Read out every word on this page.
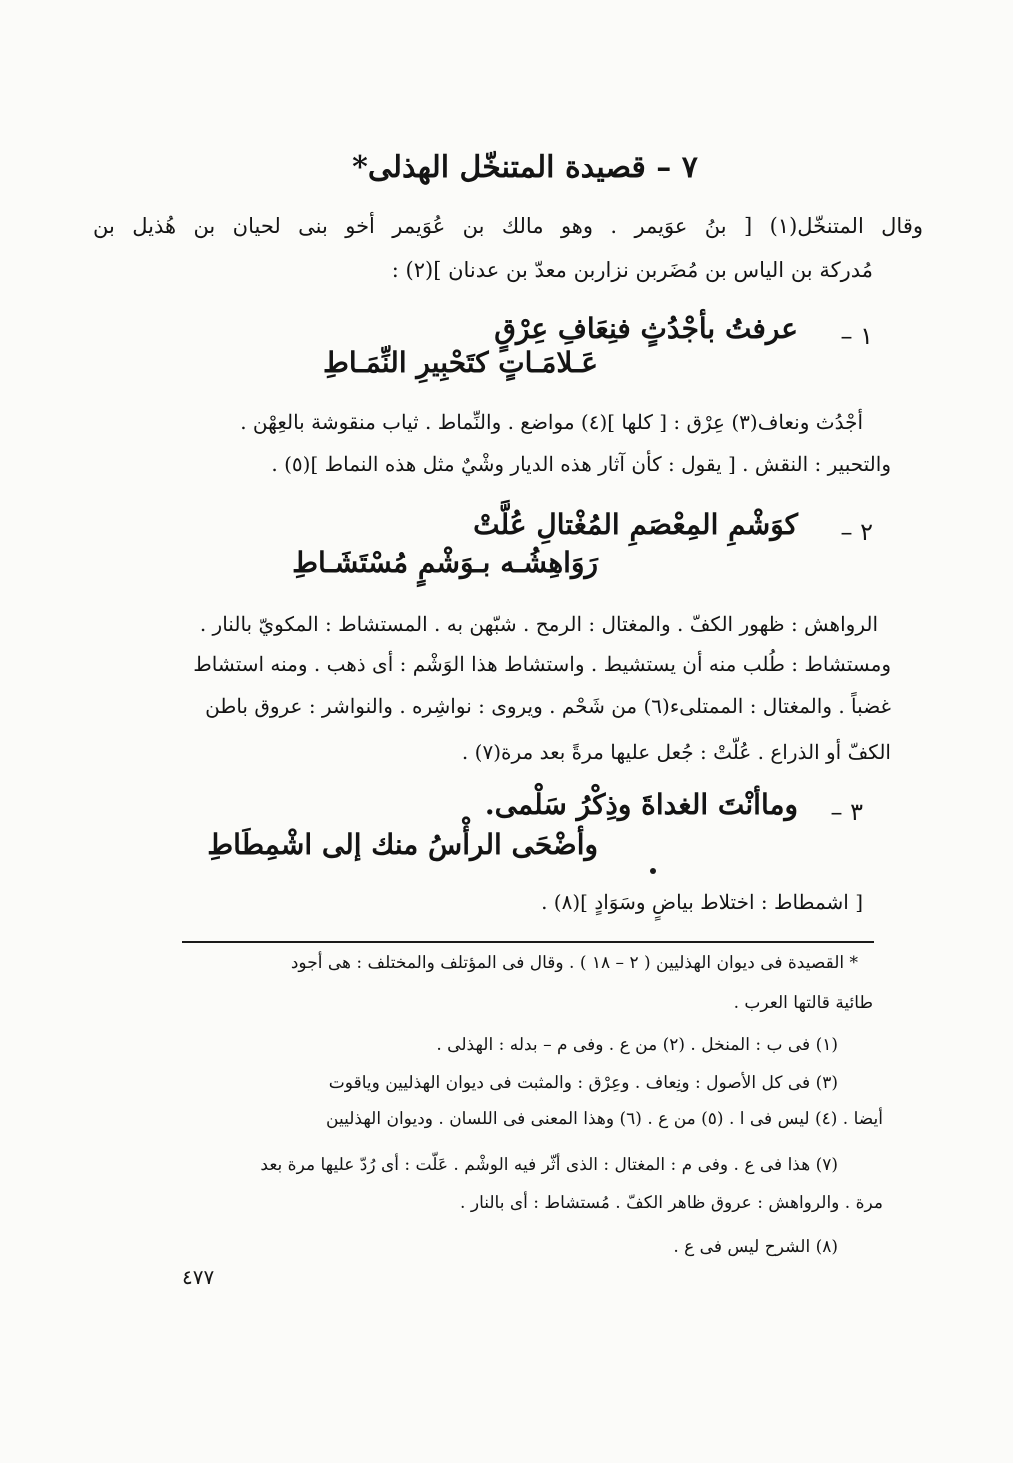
٧ – قصيدة المتنخّل الهذلى*
وقال المتنخّل(١) [ بنُ عوَيمر . وهو مالك بن عُوَيمر أخو بنى لحيان بن هُذيل بن
مُدركة بن الياس بن مُضَربن نزاربن معدّ بن عدنان ](٢) :
١ –
عرفتُ بأجْدُثٍ فنِعَافِ عِرْقٍ
عَـلامَـاتٍ كتَحْبِيرِ النِّمَـاطِ
أجْدُث ونعاف(٣) عِرْق : [ كلها ](٤) مواضع . والنِّماط . ثياب منقوشة بالعِهْن .
والتحبير : النقش . [ يقول : كأن آثار هذه الديار وشْيٌ مثل هذه النماط ](٥) .
٢ –
كوَشْمِ المِعْصَمِ المُغْتالِ عُلَّتْ
رَوَاهِشُـه بـوَشْمٍ مُسْتَشَـاطِ
الرواهش : ظهور الكفّ . والمغتال : الرمح . شبّهن به . المستشاط : المكويّ بالنار .
ومستشاط : طُلب منه أن يستشيط . واستشاط هذا الوَشْم : أى ذهب . ومنه استشاط
غضباً . والمغتال : الممتلىء(٦) من شَحْم . ويروى : نواشِره . والنواشر : عروق باطن
الكفّ أو الذراع . عُلّتْ : جُعل عليها مرةً بعد مرة(٧) .
٣ –
وماأنْتَ الغداةَ وذِكْرُ سَلْمى.
وأضْحَى الرأْسُ منك إلى اشْمِطَاطِ
[ اشمطاط : اختلاط بياضٍ وسَوَادٍ ](٨) .
* القصيدة فى ديوان الهذليين ( ٢ – ١٨ ) . وقال فى المؤتلف والمختلف : هى أجود
طائية قالتها العرب .
(١) فى ب : المنخل . (٢) من ع . وفى م – بدله : الهذلى .
(٣) فى كل الأصول : ونِعاف . وعِرْق : والمثبت فى ديوان الهذليين وياقوت
أيضا . (٤) ليس فى ا . (٥) من ع . (٦) وهذا المعنى فى اللسان . وديوان الهذليين
(٧) هذا فى ع . وفى م : المغتال : الذى أثّر فيه الوشْم . عَلّت : أى رُدّ عليها مرة بعد
مرة . والرواهش : عروق ظاهر الكفّ . مُستشاط : أى بالنار .
(٨) الشرح ليس فى ع .
٤٧٧
